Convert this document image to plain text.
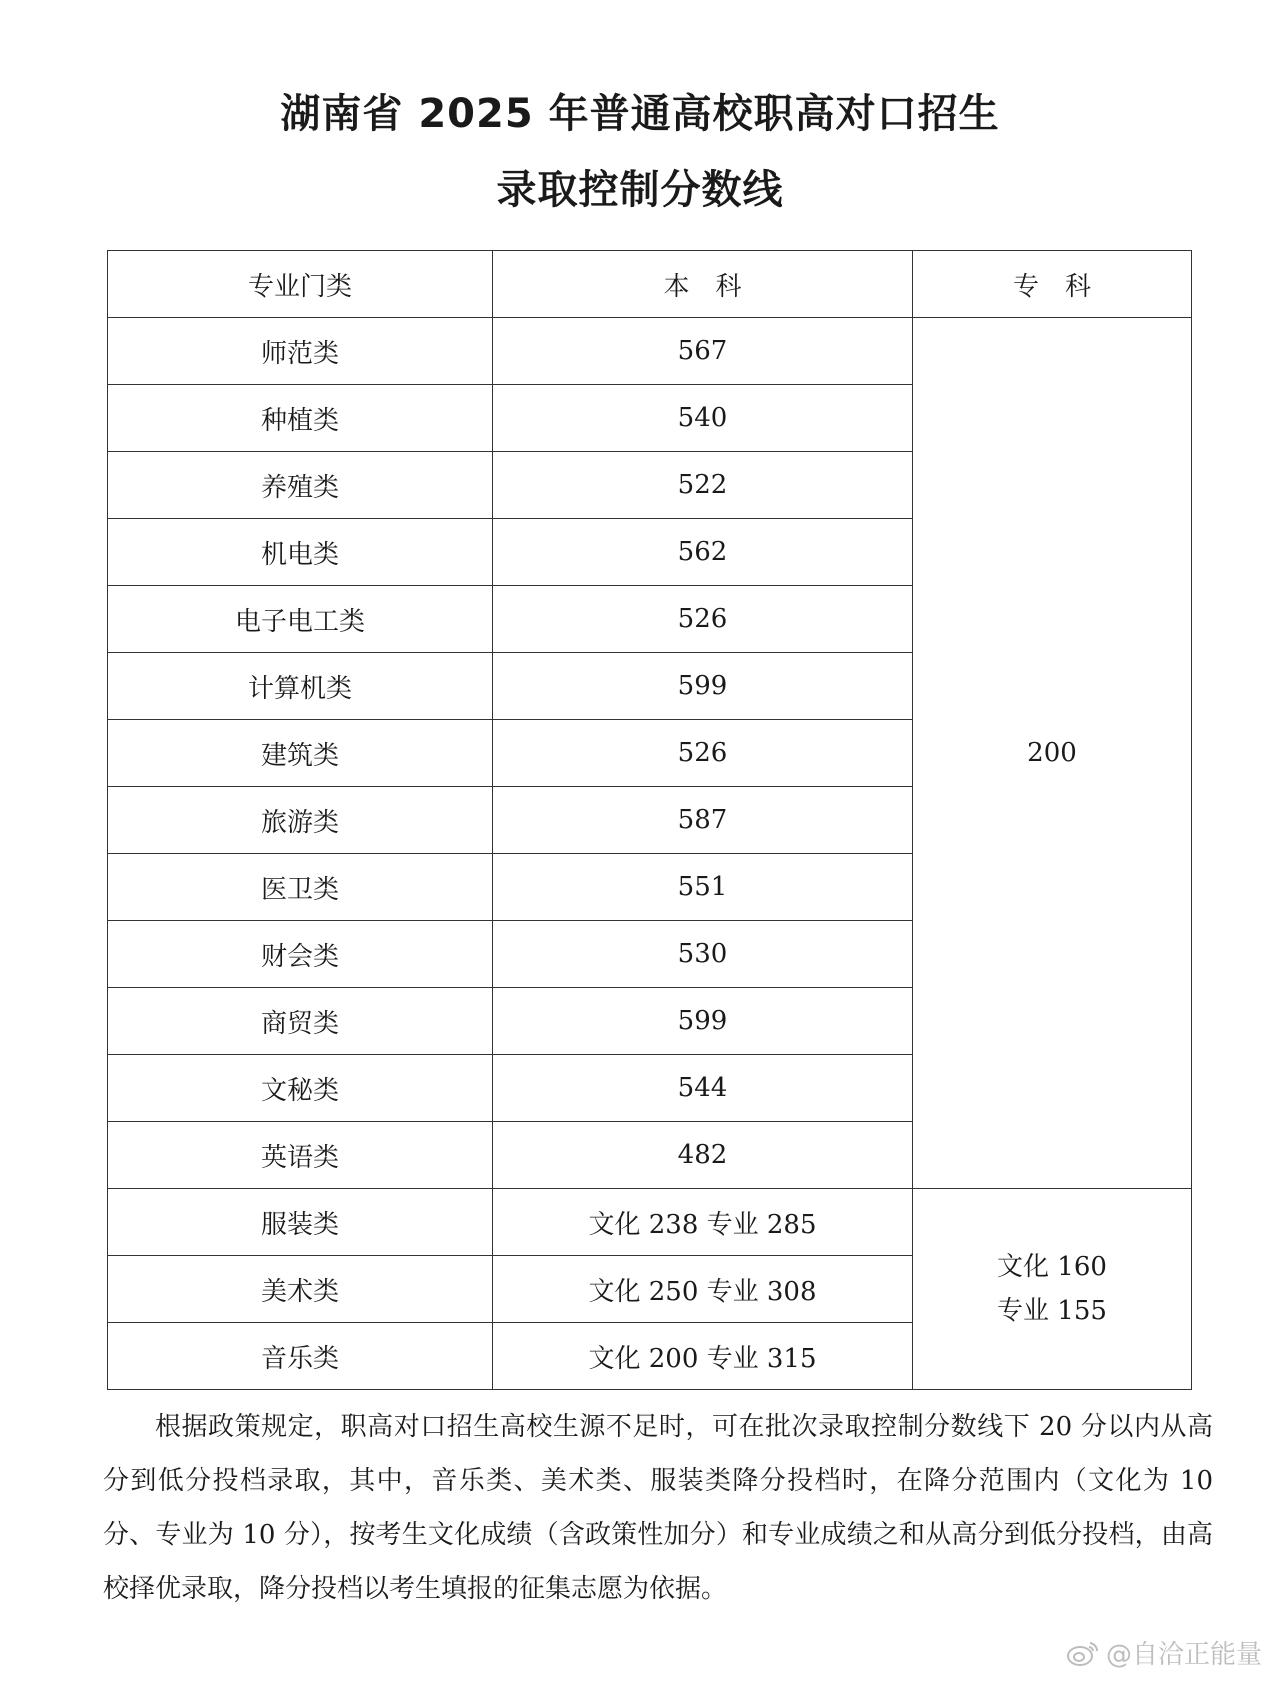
湖南省 2025 年普通高校职高对口招生
录取控制分数线
专业门类	本　科	专　科
师范类	567	200
种植类	540	
养殖类	522	
机电类	562	
电子电工类	526	
计算机类	599	
建筑类	526	
旅游类	587	
医卫类	551	
财会类	530	
商贸类	599	
文秘类	544	
英语类	482	
服装类	文化 238 专业 285	文化 160
专业 155

美术类	文化 250 专业 308	
音乐类	文化 200 专业 315	

根据政策规定，职高对口招生高校生源不足时，可在批次录取控制分数线下 20 分以内从高分到低分投档录取，其中，音乐类、美术类、服装类降分投档时，在降分范围内（文化为 10 分、专业为 10 分），按考生文化成绩（含政策性加分）和专业成绩之和从高分到低分投档，由高校择优录取，降分投档以考生填报的征集志愿为依据。

@自洽正能量
